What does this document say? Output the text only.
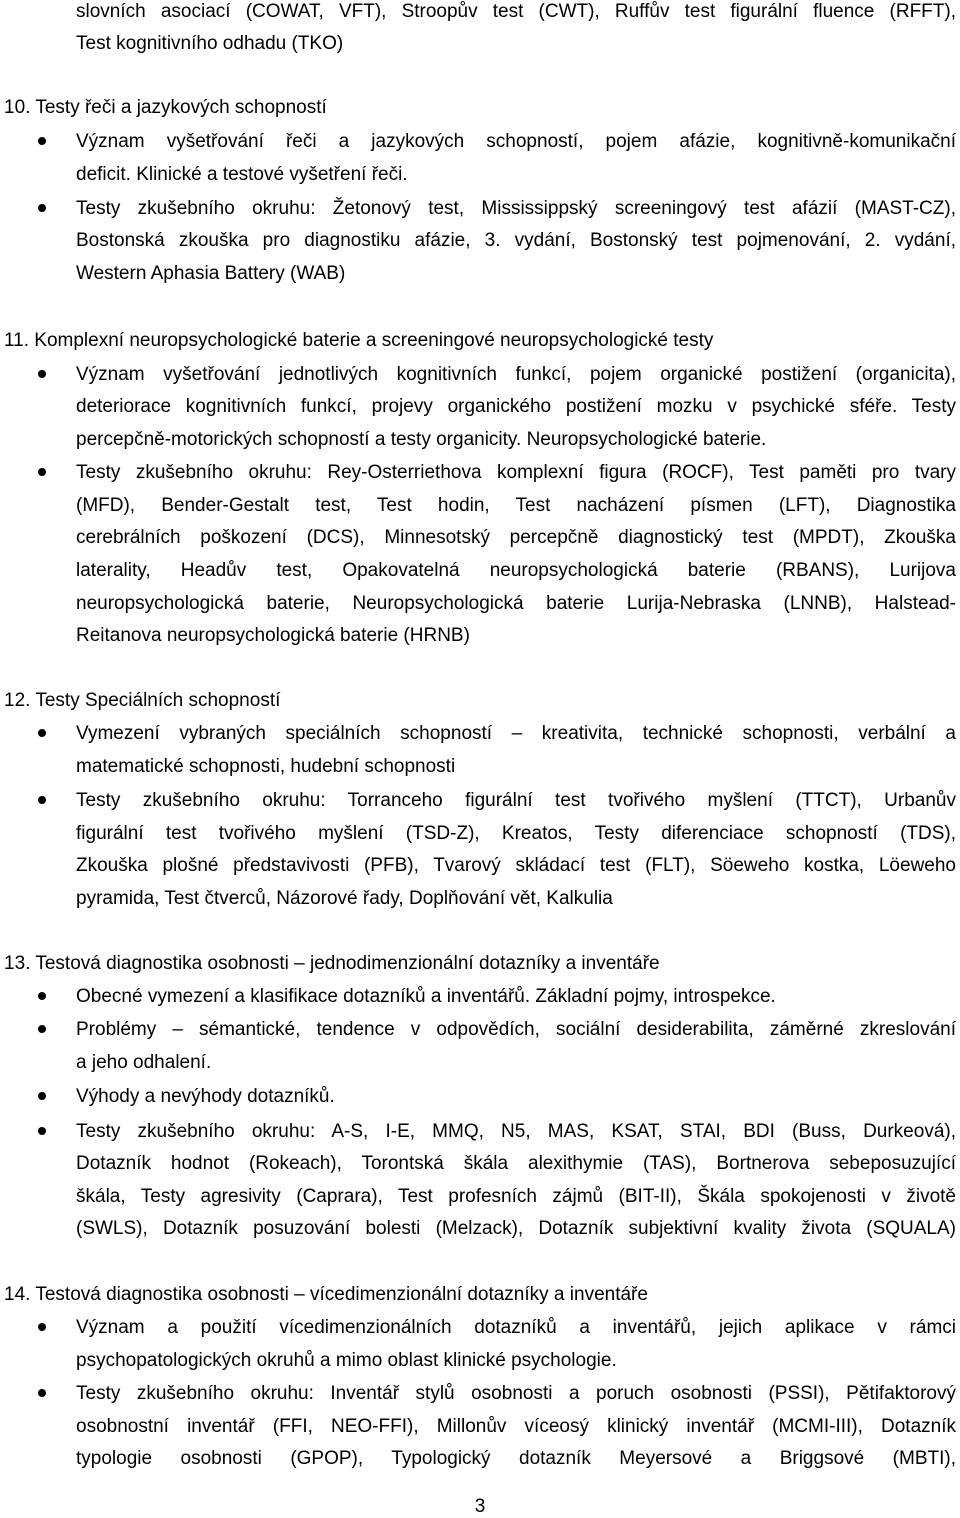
slovních asociací (COWAT, VFT), Stroopův test (CWT), Ruffův test figurální fluence (RFFT),
Test kognitivního odhadu (TKO)
10. Testy řeči a jazykových schopností
Význam vyšetřování řeči a jazykových schopností, pojem afázie, kognitivně-komunikační
deficit. Klinické a testové vyšetření řeči.
Testy zkušebního okruhu: Žetonový test, Mississippský screeningový test afázií (MAST-CZ),
Bostonská zkouška pro diagnostiku afázie, 3. vydání, Bostonský test pojmenování, 2. vydání,
Western Aphasia Battery (WAB)
11. Komplexní neuropsychologické baterie a screeningové neuropsychologické testy
Význam vyšetřování jednotlivých kognitivních funkcí, pojem organické postižení (organicita),
deteriorace kognitivních funkcí, projevy organického postižení mozku v psychické sféře. Testy
percepčně-motorických schopností a testy organicity. Neuropsychologické baterie.
Testy zkušebního okruhu: Rey-Osterriethova komplexní figura (ROCF), Test paměti pro tvary
(MFD), Bender-Gestalt test, Test hodin, Test nacházení písmen (LFT), Diagnostika
cerebrálních poškození (DCS), Minnesotský percepčně diagnostický test (MPDT), Zkouška
laterality, Headův test, Opakovatelná neuropsychologická baterie (RBANS), Lurijova
neuropsychologická baterie, Neuropsychologická baterie Lurija-Nebraska (LNNB), Halstead-
Reitanova neuropsychologická baterie (HRNB)
12. Testy Speciálních schopností
Vymezení vybraných speciálních schopností – kreativita, technické schopnosti, verbální a
matematické schopnosti, hudební schopnosti
Testy zkušebního okruhu: Torranceho figurální test tvořivého myšlení (TTCT), Urbanův
figurální test tvořivého myšlení (TSD-Z), Kreatos, Testy diferenciace schopností (TDS),
Zkouška plošné představivosti (PFB), Tvarový skládací test (FLT), Söeweho kostka, Löeweho
pyramida, Test čtverců, Názorové řady, Doplňování vět, Kalkulia
13. Testová diagnostika osobnosti – jednodimenzionální dotazníky a inventáře
Obecné vymezení a klasifikace dotazníků a inventářů. Základní pojmy, introspekce.
Problémy – sémantické, tendence v odpovědích, sociální desiderabilita, záměrné zkreslování
a jeho odhalení.
Výhody a nevýhody dotazníků.
Testy zkušebního okruhu: A-S, I-E, MMQ, N5, MAS, KSAT, STAI, BDI (Buss, Durkeová),
Dotazník hodnot (Rokeach), Torontská škála alexithymie (TAS), Bortnerova sebeposuzující
škála, Testy agresivity (Caprara), Test profesních zájmů (BIT-II), Škála spokojenosti v životě
(SWLS), Dotazník posuzování bolesti (Melzack), Dotazník subjektivní kvality života (SQUALA)
14. Testová diagnostika osobnosti – vícedimenzionální dotazníky a inventáře
Význam a použití vícedimenzionálních dotazníků a inventářů, jejich aplikace v rámci
psychopatologických okruhů a mimo oblast klinické psychologie.
Testy zkušebního okruhu: Inventář stylů osobnosti a poruch osobnosti (PSSI), Pětifaktorový
osobnostní inventář (FFI, NEO-FFI), Millonův víceosý klinický inventář (MCMI-III), Dotazník
typologie osobnosti (GPOP), Typologický dotazník Meyersové a Briggsové (MBTI),
3
